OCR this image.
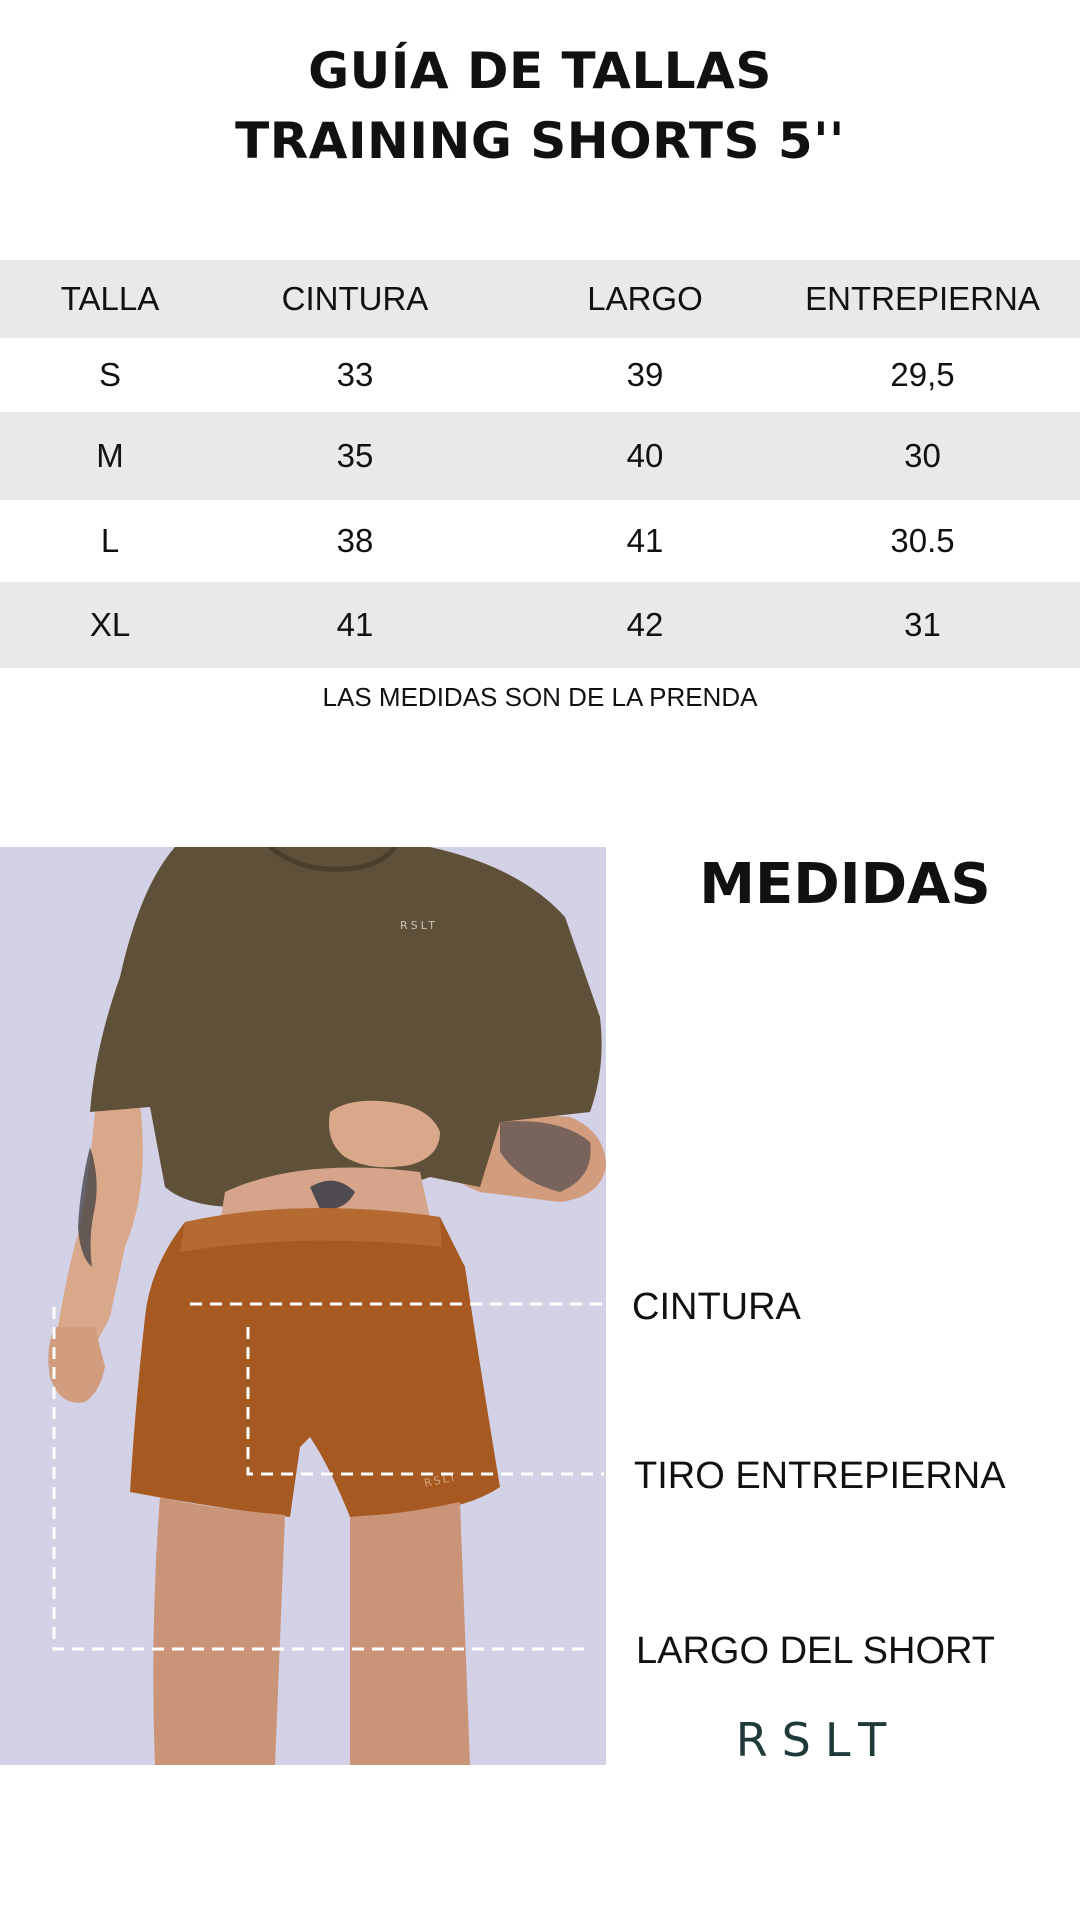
GUÍA DE TALLAS
TRAINING SHORTS 5''
TALLA	CINTURA	LARGO	ENTREPIERNA
S	33	39	29,5
M	35	40	30
L	38	41	30.5
XL	41	42	31
LAS MEDIDAS SON DE LA PRENDA
RSLT
RSLT
MEDIDAS
CINTURA
TIRO ENTREPIERNA
LARGO DEL SHORT
RSLT
